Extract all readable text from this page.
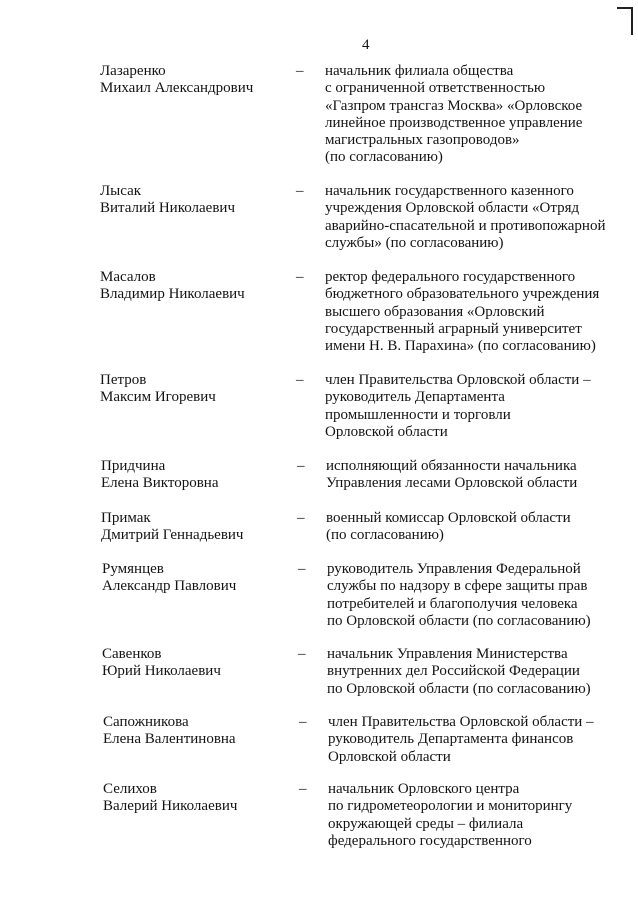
4
Лазаренко
Михаил Александрович
– начальник филиала общества
с ограниченной ответственностью
«Газпром трансгаз Москва» «Орловское
линейное производственное управление
магистральных газопроводов»
(по согласованию)
Лысак
Виталий Николаевич
– начальник государственного казенного
учреждения Орловской области «Отряд
аварийно-спасательной и противопожарной
службы» (по согласованию)
Масалов
Владимир Николаевич
– ректор федерального государственного
бюджетного образовательного учреждения
высшего образования «Орловский
государственный аграрный университет
имени Н. В. Парахина» (по согласованию)
Петров
Максим Игоревич
– член Правительства Орловской области –
руководитель Департамента
промышленности и торговли
Орловской области
Придчина
Елена Викторовна
– исполняющий обязанности начальника
Управления лесами Орловской области
Примак
Дмитрий Геннадьевич
– военный комиссар Орловской области
(по согласованию)
Румянцев
Александр Павлович
– руководитель Управления Федеральной
службы по надзору в сфере защиты прав
потребителей и благополучия человека
по Орловской области (по согласованию)
Савенков
Юрий Николаевич
– начальник Управления Министерства
внутренних дел Российской Федерации
по Орловской области (по согласованию)
Сапожникова
Елена Валентиновна
– член Правительства Орловской области –
руководитель Департамента финансов
Орловской области
Селихов
Валерий Николаевич
– начальник Орловского центра
по гидрометеорологии и мониторингу
окружающей среды – филиала
федерального государственного
